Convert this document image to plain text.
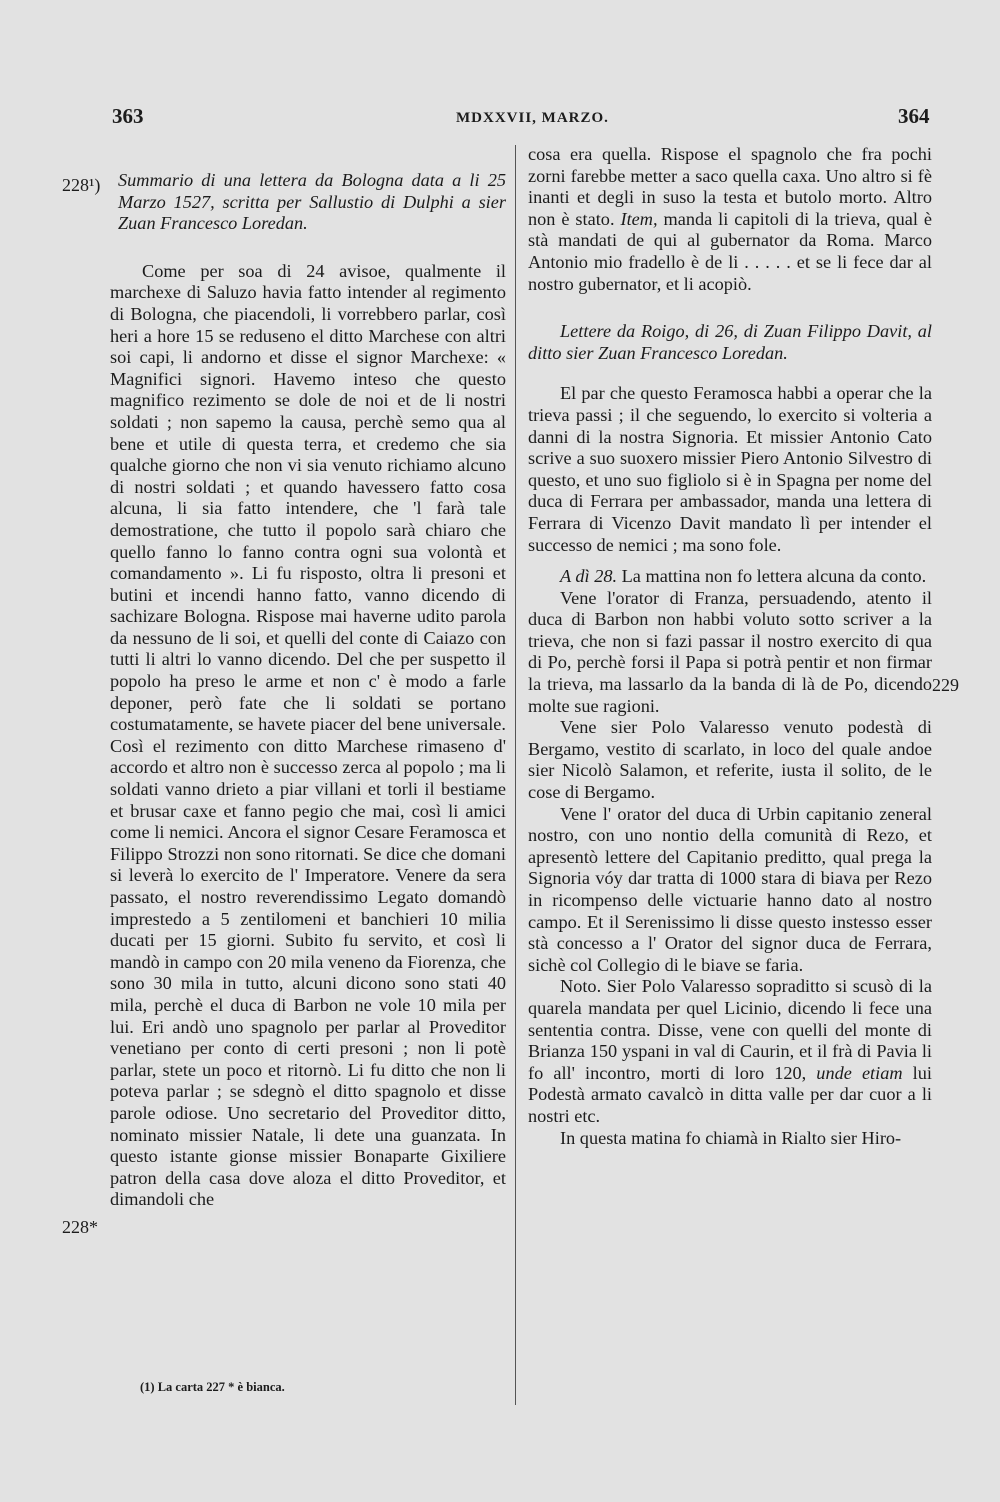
363	MDXXVII, MARZO.	364
228¹)
228*
229

Summario di una lettera da Bologna data a li 25 Marzo 1527, scritta per Sallustio di Dulphi a sier Zuan Francesco Loredan.

Come per soa di 24 avisoe, qualmente il marchexe di Saluzo havia fatto intender al regimento di Bologna, che piacendoli, li vorrebbero parlar, così heri a hore 15 se reduseno el ditto Marchese con altri soi capi, li andorno et disse el signor Marchexe: « Magnifici signori. Havemo inteso che questo magnifico rezimento se dole de noi et de li nostri soldati ; non sapemo la causa, perchè semo qua al bene et utile di questa terra, et credemo che sia qualche giorno che non vi sia venuto richiamo alcuno di nostri soldati ; et quando havessero fatto cosa alcuna, li sia fatto intendere, che 'l farà tale demostratione, che tutto il popolo sarà chiaro che quello fanno lo fanno contra ogni sua volontà et comandamento ». Li fu risposto, oltra li presoni et butini et incendi hanno fatto, vanno dicendo di sachizare Bologna. Rispose mai haverne udito parola da nessuno de li soi, et quelli del conte di Caiazo con tutti li altri lo vanno dicendo. Del che per suspetto il popolo ha preso le arme et non c' è modo a farle deponer, però fate che li soldati se portano costumatamente, se havete piacer del bene universale. Così el rezimento con ditto Marchese rimaseno d' accordo et altro non è successo zerca al popolo ; ma li soldati vanno drieto a piar villani et torli il bestiame et brusar caxe et fanno pegio che mai, così li amici come li nemici. Ancora el signor Cesare Feramosca et Filippo Strozzi non sono ritornati. Se dice che domani si leverà lo exercito de l' Imperatore. Venere da sera passato, el nostro reverendissimo Legato domandò imprestedo a 5 zentilomeni et banchieri 10 milia ducati per 15 giorni. Subito fu servito, et così li mandò in campo con 20 mila veneno da Fiorenza, che sono 30 mila in tutto, alcuni dicono sono stati 40 mila, perchè el duca di Barbon ne vole 10 mila per lui. Eri andò uno spagnolo per parlar al Proveditor venetiano per conto di certi presoni ; non li potè parlar, stete un poco et ritornò. Li fu ditto che non li poteva parlar ; se sdegnò el ditto spagnolo et disse parole odiose. Uno secretario del Proveditor ditto, nominato missier Natale, li dete una guanzata. In questo istante gionse missier Bonaparte Gixiliere patron della casa dove aloza el ditto Proveditor, et dimandoli che

cosa era quella. Rispose el spagnolo che fra pochi zorni farebbe metter a saco quella caxa. Uno altro si fè inanti et degli in suso la testa et butolo morto. Altro non è stato. Item, manda li capitoli di la trieva, qual è stà mandati de qui al gubernator da Roma. Marco Antonio mio fradello è de li . . . . . et se li fece dar al nostro gubernator, et li acopiò.

Lettere da Roigo, di 26, di Zuan Filippo Davit, al ditto sier Zuan Francesco Loredan.

El par che questo Feramosca habbi a operar che la trieva passi ; il che seguendo, lo exercito si volteria a danni di la nostra Signoria. Et missier Antonio Cato scrive a suo suoxero missier Piero Antonio Silvestro di questo, et uno suo figliolo si è in Spagna per nome del duca di Ferrara per ambassador, manda una lettera di Ferrara di Vicenzo Davit mandato lì per intender el successo de nemici ; ma sono fole.

A dì 28. La mattina non fo lettera alcuna da conto.

Vene l'orator di Franza, persuadendo, atento il duca di Barbon non habbi voluto sotto scriver a la trieva, che non si fazi passar il nostro exercito di qua di Po, perchè forsi il Papa si potrà pentir et non firmar la trieva, ma lassarlo da la banda di là de Po, dicendo molte sue ragioni.

Vene sier Polo Valaresso venuto podestà di Bergamo, vestito di scarlato, in loco del quale andoe sier Nicolò Salamon, et referite, iusta il solito, de le cose di Bergamo.

Vene l' orator del duca di Urbin capitanio zeneral nostro, con uno nontio della comunità di Rezo, et apresentò lettere del Capitanio preditto, qual prega la Signoria vóy dar tratta di 1000 stara di biava per Rezo in ricompenso delle victuarie hanno dato al nostro campo. Et il Serenissimo li disse questo instesso esser stà concesso a l' Orator del signor duca de Ferrara, sichè col Collegio di le biave se faria.

Noto. Sier Polo Valaresso sopraditto si scusò di la quarela mandata per quel Licinio, dicendo li fece una sententia contra. Disse, vene con quelli del monte di Brianza 150 yspani in val di Caurin, et il frà di Pavia li fo all' incontro, morti di loro 120, unde etiam lui Podestà armato cavalcò in ditta valle per dar cuor a li nostri etc.

In questa matina fo chiamà in Rialto sier Hiro-

(1) La carta 227 * è bianca.
